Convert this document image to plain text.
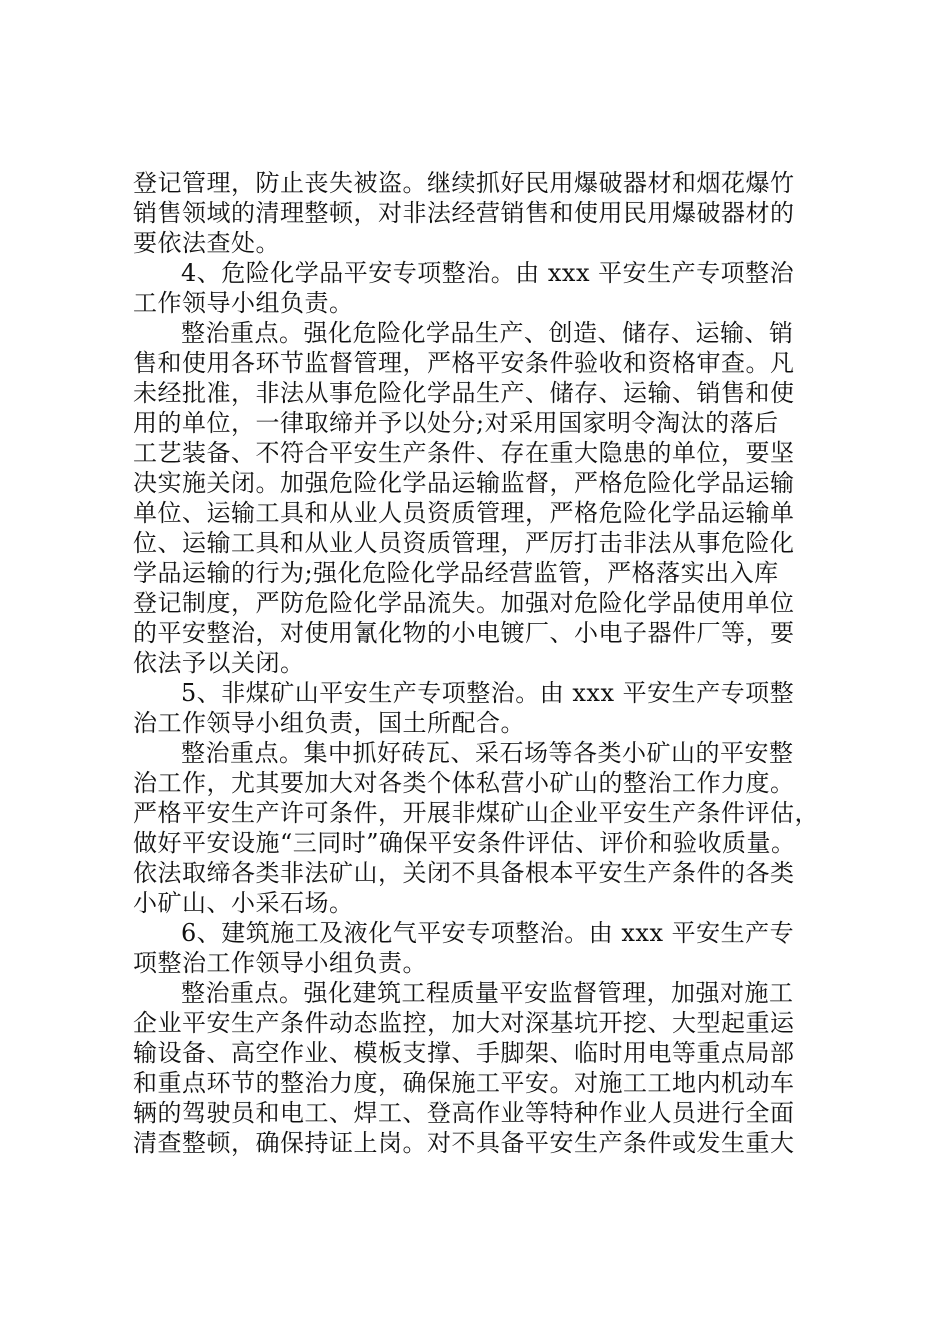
登记管理，防止丧失被盗。继续抓好民用爆破器材和烟花爆竹
销售领域的清理整顿，对非法经营销售和使用民用爆破器材的
要依法查处。
4、危险化学品平安专项整治。由 xxx 平安生产专项整治
工作领导小组负责。
整治重点。强化危险化学品生产、创造、储存、运输、销
售和使用各环节监督管理，严格平安条件验收和资格审查。凡
未经批准，非法从事危险化学品生产、储存、运输、销售和使
用的单位，一律取缔并予以处分;对采用国家明令淘汰的落后
工艺装备、不符合平安生产条件、存在重大隐患的单位，要坚
决实施关闭。加强危险化学品运输监督，严格危险化学品运输
单位、运输工具和从业人员资质管理，严格危险化学品运输单
位、运输工具和从业人员资质管理，严厉打击非法从事危险化
学品运输的行为;强化危险化学品经营监管，严格落实出入库
登记制度，严防危险化学品流失。加强对危险化学品使用单位
的平安整治，对使用氰化物的小电镀厂、小电子器件厂等，要
依法予以关闭。
5、非煤矿山平安生产专项整治。由 xxx 平安生产专项整
治工作领导小组负责，国土所配合。
整治重点。集中抓好砖瓦、采石场等各类小矿山的平安整
治工作，尤其要加大对各类个体私营小矿山的整治工作力度。
严格平安生产许可条件，开展非煤矿山企业平安生产条件评估，
做好平安设施“三同时”确保平安条件评估、评价和验收质量。
依法取缔各类非法矿山，关闭不具备根本平安生产条件的各类
小矿山、小采石场。
6、建筑施工及液化气平安专项整治。由 xxx 平安生产专
项整治工作领导小组负责。
整治重点。强化建筑工程质量平安监督管理，加强对施工
企业平安生产条件动态监控，加大对深基坑开挖、大型起重运
输设备、高空作业、模板支撑、手脚架、临时用电等重点局部
和重点环节的整治力度，确保施工平安。对施工工地内机动车
辆的驾驶员和电工、焊工、登高作业等特种作业人员进行全面
清查整顿，确保持证上岗。对不具备平安生产条件或发生重大
